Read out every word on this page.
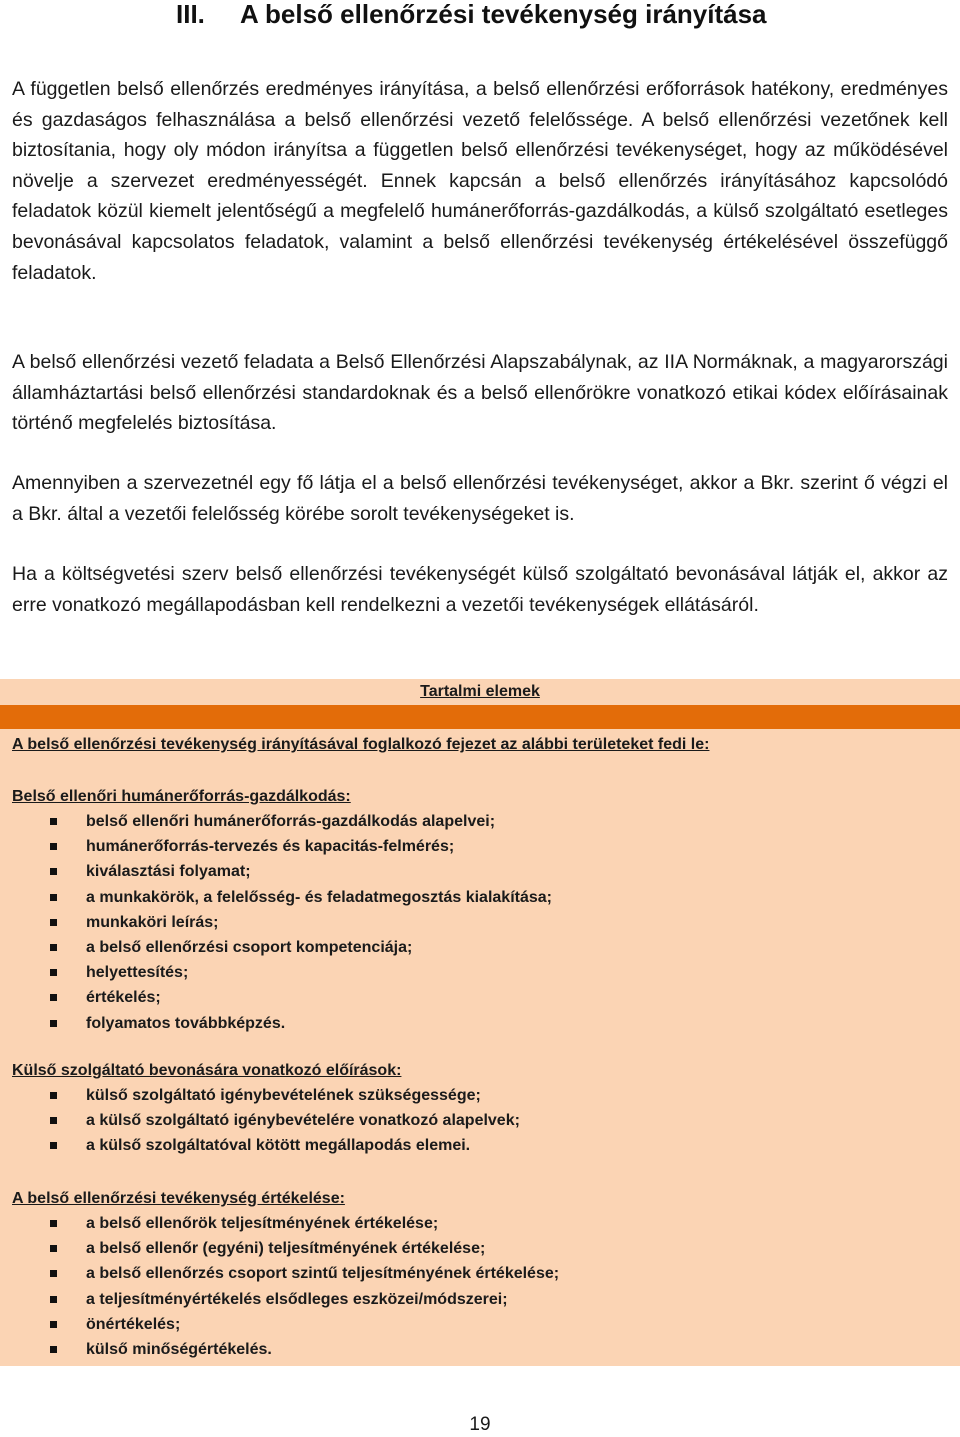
III. A belső ellenőrzési tevékenység irányítása

A független belső ellenőrzés eredményes irányítása, a belső ellenőrzési erőforrások hatékony, eredményes és gazdaságos felhasználása a belső ellenőrzési vezető felelőssége. A belső ellenőrzési vezetőnek kell biztosítania, hogy oly módon irányítsa a független belső ellenőrzési tevékenységet, hogy az működésével növelje a szervezet eredményességét. Ennek kapcsán a belső ellenőrzés irányításához kapcsolódó feladatok közül kiemelt jelentőségű a megfelelő humánerőforrás-gazdálkodás, a külső szolgáltató esetleges bevonásával kapcsolatos feladatok, valamint a belső ellenőrzési tevékenység értékelésével összefüggő feladatok.

A belső ellenőrzési vezető feladata a Belső Ellenőrzési Alapszabálynak, az IIA Normáknak, a magyarországi államháztartási belső ellenőrzési standardoknak és a belső ellenőrökre vonatkozó etikai kódex előírásainak történő megfelelés biztosítása.

Amennyiben a szervezetnél egy fő látja el a belső ellenőrzési tevékenységet, akkor a Bkr. szerint ő végzi el a Bkr. által a vezetői felelősség körébe sorolt tevékenységeket is.

Ha a költségvetési szerv belső ellenőrzési tevékenységét külső szolgáltató bevonásával látják el, akkor az erre vonatkozó megállapodásban kell rendelkezni a vezetői tevékenységek ellátásáról.

Tartalmi elemek
A belső ellenőrzési tevékenység irányításával foglalkozó fejezet az alábbi területeket fedi le:

Belső ellenőri humánerőforrás-gazdálkodás:

belső ellenőri humánerőforrás-gazdálkodás alapelvei;
humánerőforrás-tervezés és kapacitás-felmérés;
kiválasztási folyamat;
a munkakörök, a felelősség- és feladatmegosztás kialakítása;
munkaköri leírás;
a belső ellenőrzési csoport kompetenciája;
helyettesítés;
értékelés;
folyamatos továbbképzés.

Külső szolgáltató bevonására vonatkozó előírások:

külső szolgáltató igénybevételének szükségessége;
a külső szolgáltató igénybevételére vonatkozó alapelvek;
a külső szolgáltatóval kötött megállapodás elemei.

A belső ellenőrzési tevékenység értékelése:

a belső ellenőrök teljesítményének értékelése;
a belső ellenőr (egyéni) teljesítményének értékelése;
a belső ellenőrzés csoport szintű teljesítményének értékelése;
a teljesítményértékelés elsődleges eszközei/módszerei;
önértékelés;
külső minőségértékelés.
19
